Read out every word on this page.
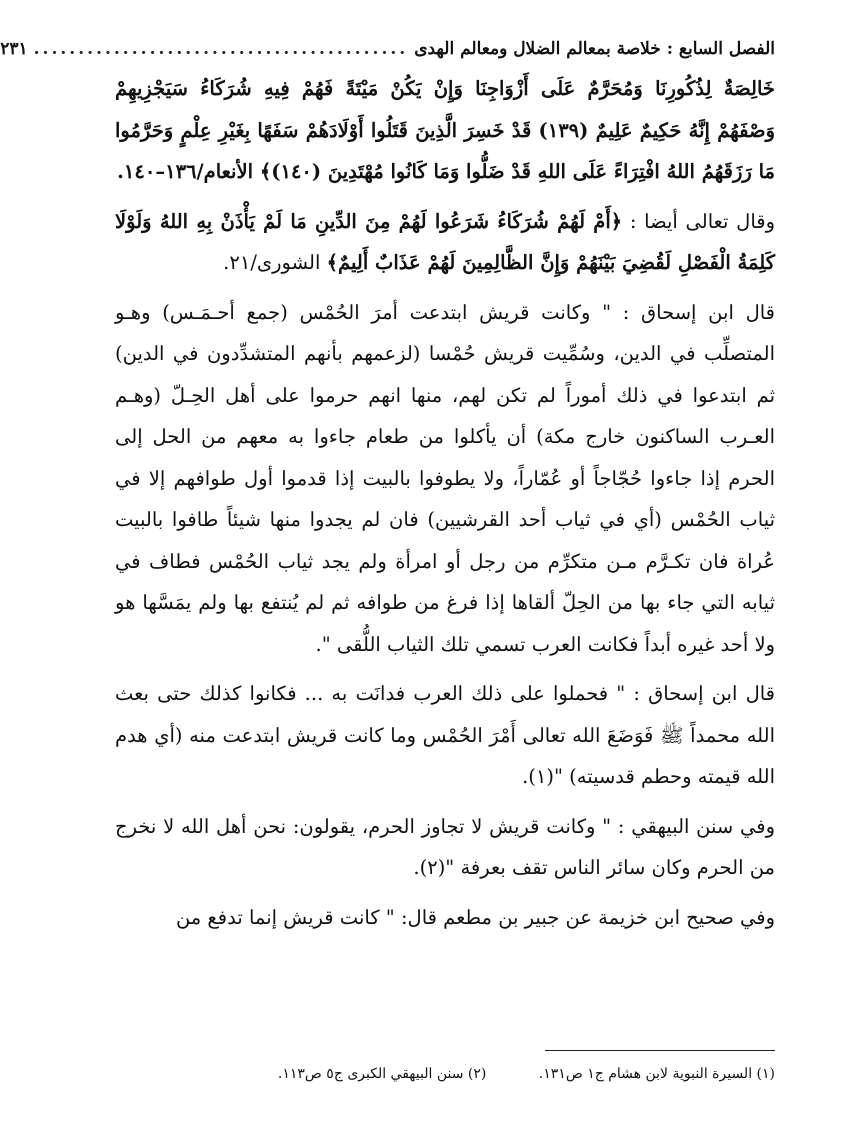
الفصل السابع : خلاصة بمعالم الضلال ومعالم الهدى
..........................................
٢٣١

خَالِصَةٌ لِذُكُورِنَا وَمُحَرَّمٌ عَلَى أَزْوَاجِنَا وَإِنْ يَكُنْ مَيْتَةً فَهُمْ فِيهِ شُرَكَاءُ سَيَجْزِيهِمْ وَصْفَهُمْ إِنَّهُ حَكِيمٌ عَلِيمٌ (١٣٩) قَدْ خَسِرَ الَّذِينَ قَتَلُوا أَوْلَادَهُمْ سَفَهًا بِغَيْرِ عِلْمٍ وَحَرَّمُوا مَا رَزَقَهُمُ اللهُ افْتِرَاءً عَلَى اللهِ قَدْ ضَلُّوا وَمَا كَانُوا مُهْتَدِينَ (١٤٠)﴾ الأنعام/١٣٦–١٤٠.

وقال تعالى أيضا : ﴿أَمْ لَهُمْ شُرَكَاءُ شَرَعُوا لَهُمْ مِنَ الدِّينِ مَا لَمْ يَأْذَنْ بِهِ اللهُ وَلَوْلَا كَلِمَةُ الْفَصْلِ لَقُضِيَ بَيْنَهُمْ وَإِنَّ الظَّالِمِينَ لَهُمْ عَذَابٌ أَلِيمٌ﴾ الشورى/٢١.

قال ابن إسحاق : " وكانت قريش ابتدعت أمرَ الحُمْس (جمع أحـمَـس) وهـو المتصلِّب في الدين، وسُمِّيت قريش حُمْسا (لزعمهم بأنهم المتشدِّدون في الدين) ثم ابتدعوا في ذلك أموراً لم تكن لهم، منها انهم حرموا على أهل الحِـلّ (وهـم العـرب الساكنون خارج مكة) أن يأكلوا من طعام جاءوا به معهم من الحل إلى الحرم إذا جاءوا حُجّاجاً أو عُمّاراً، ولا يطوفوا بالبيت إذا قدموا أول طوافهم إلا في ثياب الحُمْس (أي في ثياب أحد القرشيين) فان لم يجدوا منها شيئاً طافوا بالبيت عُراة فان تكـرَّم مـن متكرِّم من رجل أو امرأة ولم يجد ثياب الحُمْس فطاف في ثيابه التي جاء بها من الحِلّ ألقاها إذا فرغ من طوافه ثم لم يُنتفع بها ولم يمَسَّها هو ولا أحد غيره أبداً فكانت العرب تسمي تلك الثياب اللُّقى ".

قال ابن إسحاق : " فحملوا على ذلك العرب فدانَت به ... فكانوا كذلك حتى بعث الله محمداً ﷺ فَوَضَعَ الله تعالى أَمْرَ الحُمْس وما كانت قريش ابتدعت منه (أي هدم الله قيمته وحطم قدسيته) "(١).

وفي سنن البيهقي : " وكانت قريش لا تجاوز الحرم، يقولون: نحن أهل الله لا نخرج من الحرم وكان سائر الناس تقف بعرفة "(٢).

وفي صحيح ابن خزيمة عن جبير بن مطعم قال: " كانت قريش إنما تدفع من

(١) السيرة النبوية لابن هشام ج١ ص١٣١. (٢) سنن البيهقي الكبرى ج٥ ص١١٣.
